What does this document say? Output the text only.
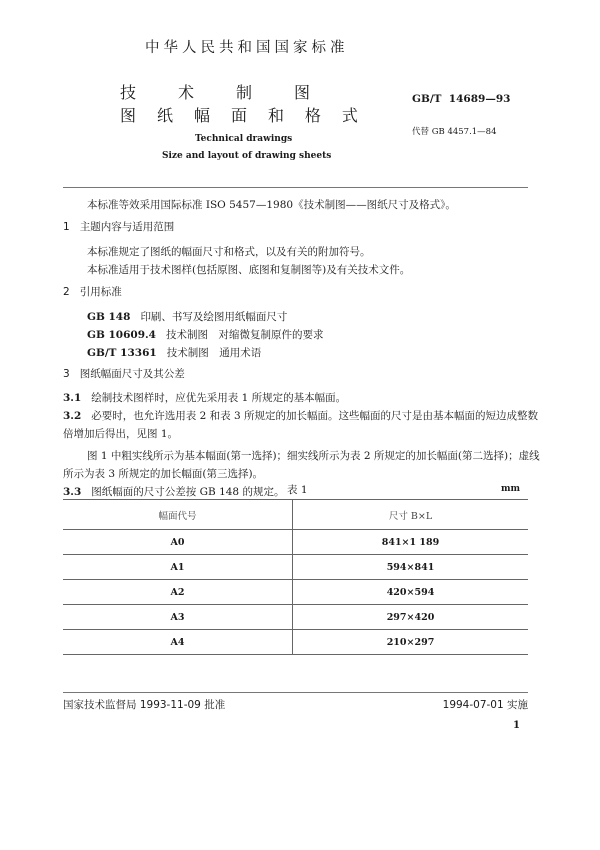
中华人民共和国国家标准
技	术	制	图
图 纸 幅 面 和 格 式
GB/T  14689—93
代替 GB 4457.1—84
Technical drawings
Size and layout of drawing sheets
本标准等效采用国际标准 ISO 5457—1980《技术制图——图纸尺寸及格式》。
1   主题内容与适用范围
本标准规定了图纸的幅面尺寸和格式，以及有关的附加符号。
本标准适用于技术图样(包括原图、底图和复制图等)及有关技术文件。
2   引用标准
GB 148 印刷、书写及绘图用纸幅面尺寸
GB 10609.4 技术制图　对缩微复制原件的要求
GB/T 13361 技术制图　通用术语
3   图纸幅面尺寸及其公差
3.1 绘制技术图样时，应优先采用表 1 所规定的基本幅面。
3.2 必要时，也允许选用表 2 和表 3 所规定的加长幅面。这些幅面的尺寸是由基本幅面的短边成整数
倍增加后得出，见图 1。
图 1 中粗实线所示为基本幅面(第一选择)；细实线所示为表 2 所规定的加长幅面(第二选择)；虚线
所示为表 3 所规定的加长幅面(第三选择)。
3.3 图纸幅面的尺寸公差按 GB 148 的规定。 表 1	mm
幅面代号	尺寸 B×L
A0	841×1 189
A1	594×841
A2	420×594
A3	297×420
A4	210×297
国家技术监督局 1993-11-09 批准	1994-07-01 实施
1
